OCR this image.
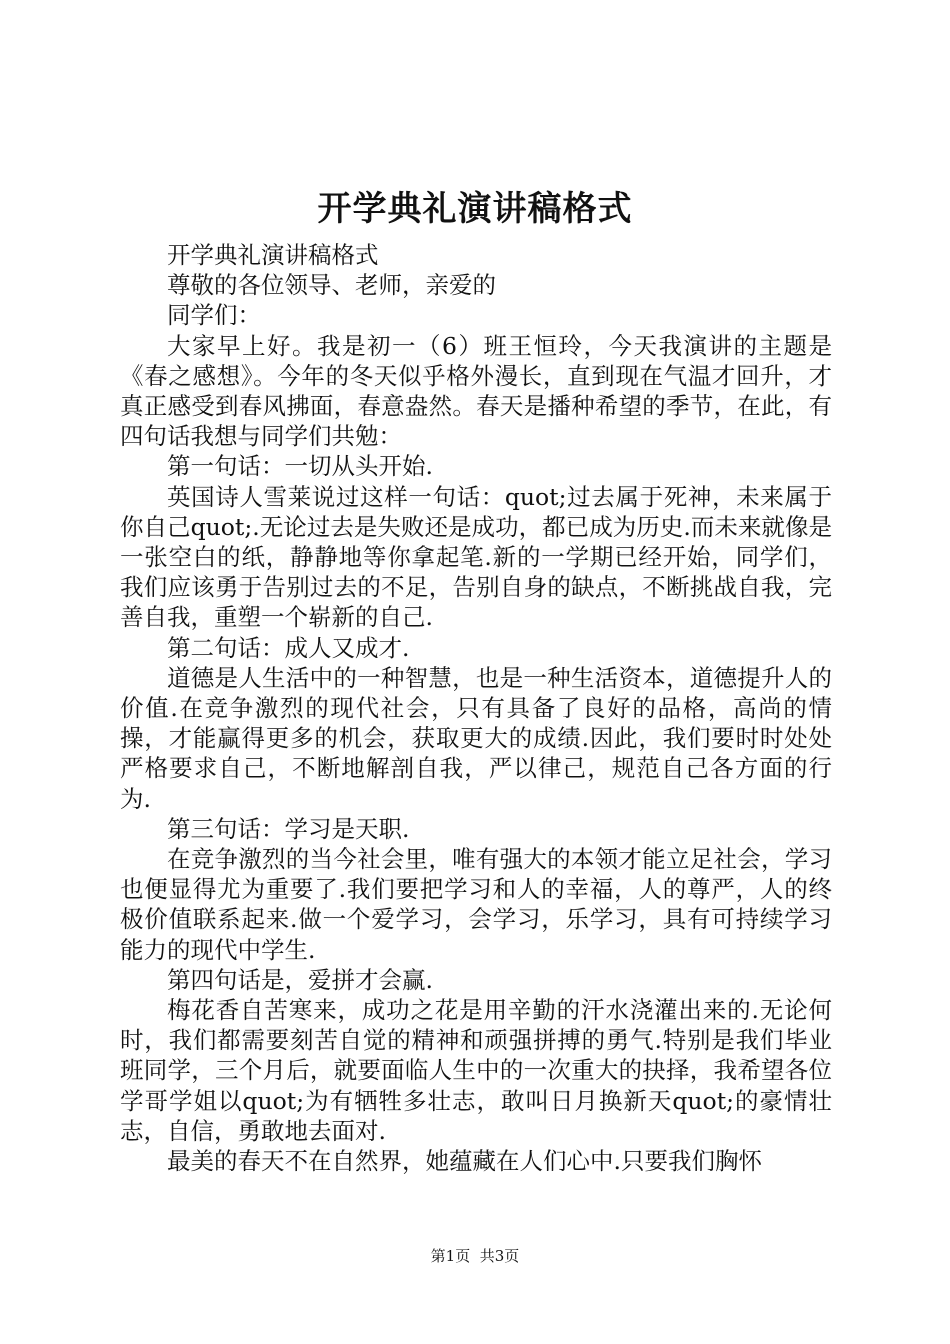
开学典礼演讲稿格式

开学典礼演讲稿格式

尊敬的各位领导、老师，亲爱的

同学们：

大家早上好。我是初一（6）班王恒玲，今天我演讲的主题是《春之感想》。今年的冬天似乎格外漫长，直到现在气温才回升，才真正感受到春风拂面，春意盎然。春天是播种希望的季节，在此，有四句话我想与同学们共勉：

第一句话：一切从头开始.

英国诗人雪莱说过这样一句话：quot;过去属于死神，未来属于你自己quot;.无论过去是失败还是成功，都已成为历史.而未来就像是一张空白的纸，静静地等你拿起笔.新的一学期已经开始，同学们，我们应该勇于告别过去的不足，告别自身的缺点，不断挑战自我，完善自我，重塑一个崭新的自己.

第二句话：成人又成才.

道德是人生活中的一种智慧，也是一种生活资本，道德提升人的价值.在竞争激烈的现代社会，只有具备了良好的品格，高尚的情操，才能赢得更多的机会，获取更大的成绩.因此，我们要时时处处严格要求自己，不断地解剖自我，严以律己，规范自己各方面的行为.

第三句话：学习是天职.

在竞争激烈的当今社会里，唯有强大的本领才能立足社会，学习也便显得尤为重要了.我们要把学习和人的幸福，人的尊严，人的终极价值联系起来.做一个爱学习，会学习，乐学习，具有可持续学习能力的现代中学生.

第四句话是，爱拼才会赢.

梅花香自苦寒来，成功之花是用辛勤的汗水浇灌出来的.无论何时，我们都需要刻苦自觉的精神和顽强拼搏的勇气.特别是我们毕业班同学，三个月后，就要面临人生中的一次重大的抉择，我希望各位学哥学姐以quot;为有牺牲多壮志，敢叫日月换新天quot;的豪情壮志，自信，勇敢地去面对.

最美的春天不在自然界，她蕴藏在人们心中.只要我们胸怀

第1页 共3页
